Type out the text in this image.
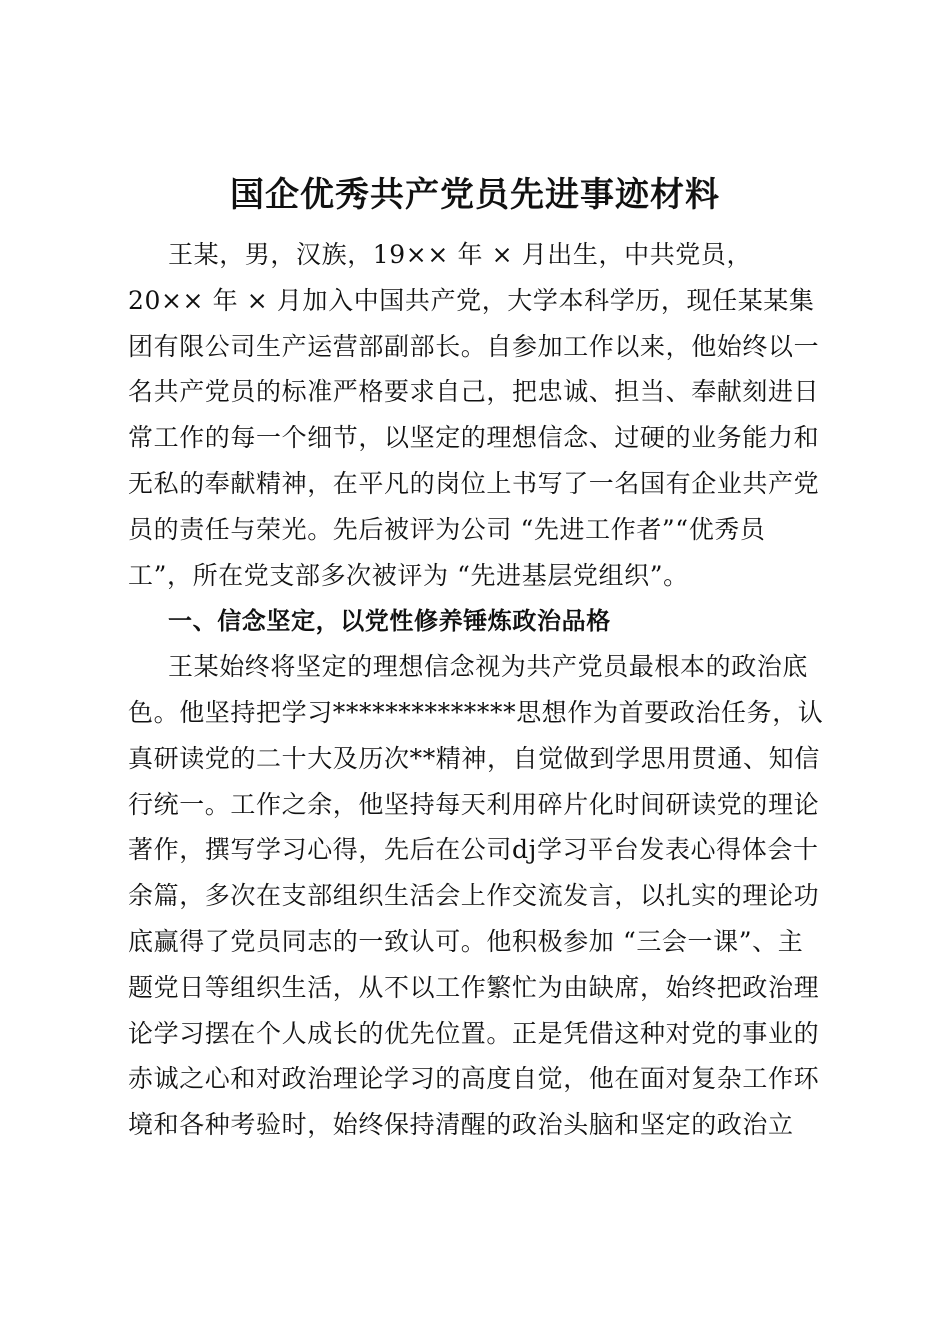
国企优秀共产党员先进事迹材料
王某，男，汉族，19×× 年 × 月出生，中共党员，
20×× 年 × 月加入中国共产党，大学本科学历，现任某某集
团有限公司生产运营部副部长。自参加工作以来，他始终以一
名共产党员的标准严格要求自己，把忠诚、担当、奉献刻进日
常工作的每一个细节，以坚定的理想信念、过硬的业务能力和
无私的奉献精神，在平凡的岗位上书写了一名国有企业共产党
员的责任与荣光。先后被评为公司 “先进工作者”“优秀员
工”，所在党支部多次被评为 “先进基层党组织”。
一、信念坚定，以党性修养锤炼政治品格
王某始终将坚定的理想信念视为共产党员最根本的政治底
色。他坚持把学习**************思想作为首要政治任务，认
真研读党的二十大及历次**精神，自觉做到学思用贯通、知信
行统一。工作之余，他坚持每天利用碎片化时间研读党的理论
著作，撰写学习心得，先后在公司dj学习平台发表心得体会十
余篇，多次在支部组织生活会上作交流发言，以扎实的理论功
底赢得了党员同志的一致认可。他积极参加 “三会一课”、主
题党日等组织生活，从不以工作繁忙为由缺席，始终把政治理
论学习摆在个人成长的优先位置。正是凭借这种对党的事业的
赤诚之心和对政治理论学习的高度自觉，他在面对复杂工作环
境和各种考验时，始终保持清醒的政治头脑和坚定的政治立
